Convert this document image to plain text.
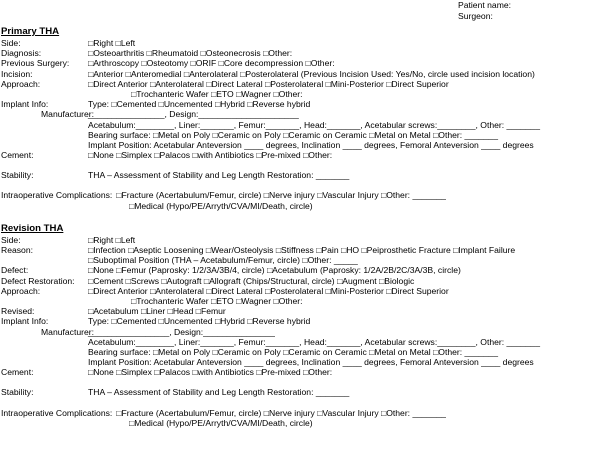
Patient name:
Surgeon:
Primary THA
Side:	□Right □Left
Diagnosis:	□Osteoarthritis □Rheumatoid □Osteonecrosis □Other:
Previous Surgery:	□Arthroscopy □Osteotomy □ORIF □Core decompression □Other:
Incision:	□Anterior □Anteromedial □Anterolateral □Posterolateral (Previous Incision Used: Yes/No, circle used incision location)
Approach:	□Direct Anterior □Anterolateral □Direct Lateral □Posterolateral □Mini-Posterior □Direct Superior
□Trochanteric Wafer □ETO □Wagner □Other:
Implant Info:	Type: □Cemented □Uncemented □Hybrid □Reverse hybrid
Manufacturer:
________________, Design:_____________________
Acetabulum:________, Liner:_______, Femur:_______, Head:_______, Acetabular screws:________, Other: _______
Bearing surface: □Metal on Poly □Ceramic on Poly □Ceramic on Ceramic □Metal on Metal □Other: _______
Implant Position: Acetabular Anteversion ____ degrees, Inclination ____ degrees, Femoral Anteversion ____ degrees
Cement:	□None □Simplex □Palacos □with Antibiotics □Pre-mixed □Other:
Stability:	THA – Assessment of Stability and Leg Length Restoration: _______
Intraoperative Complications: □Fracture (Acertabulum/Femur, circle) □Nerve injury □Vascular Injury □Other: _______
□Medical (Hypo/PE/Arryth/CVA/MI/Death, circle)
Revision THA
Side:	□Right □Left
Reason:	□Infection □Aseptic Loosening □Wear/Osteolysis □Stiffness □Pain □HO □Peiprosthetic Fracture □Implant Failure
□Suboptimal Position (THA – Acetabulum/Femur, circle) □Other: _____
Defect:	□None □Femur (Paprosky: 1/2/3A/3B/4, circle) □Acetabulum (Paprosky: 1/2A/2B/2C/3A/3B, circle)
Defect Restoration:	□Cement □Screws □Autograft □Allograft (Chips/Structural, circle) □Augment □Biologic
Approach:	□Direct Anterior □Anterolateral □Direct Lateral □Posterolateral □Mini-Posterior □Direct Superior
□Trochanteric Wafer □ETO □Wagner □Other:
Revised:	□Acetabulum □Liner □Head □Femur
Implant Info:	Type: □Cemented □Uncemented □Hybrid □Reverse hybrid
Manufacturer:
_________________, Design:_______________
Acetabulum:________, Liner:_______, Femur:_______, Head:_______, Acetabular screws:________, Other: _______
Bearing surface: □Metal on Poly □Ceramic on Poly □Ceramic on Ceramic □Metal on Metal □Other: _______
Implant Position: Acetabular Anteversion ____ degrees, Inclination ____ degrees, Femoral Anteversion ____ degrees
Cement:	□None □Simplex □Palacos □with Antibiotics □Pre-mixed □Other:
Stability:	THA – Assessment of Stability and Leg Length Restoration: _______
Intraoperative Complications: □Fracture (Acertabulum/Femur, circle) □Nerve injury □Vascular Injury □Other: _______
□Medical (Hypo/PE/Arryth/CVA/MI/Death, circle)
